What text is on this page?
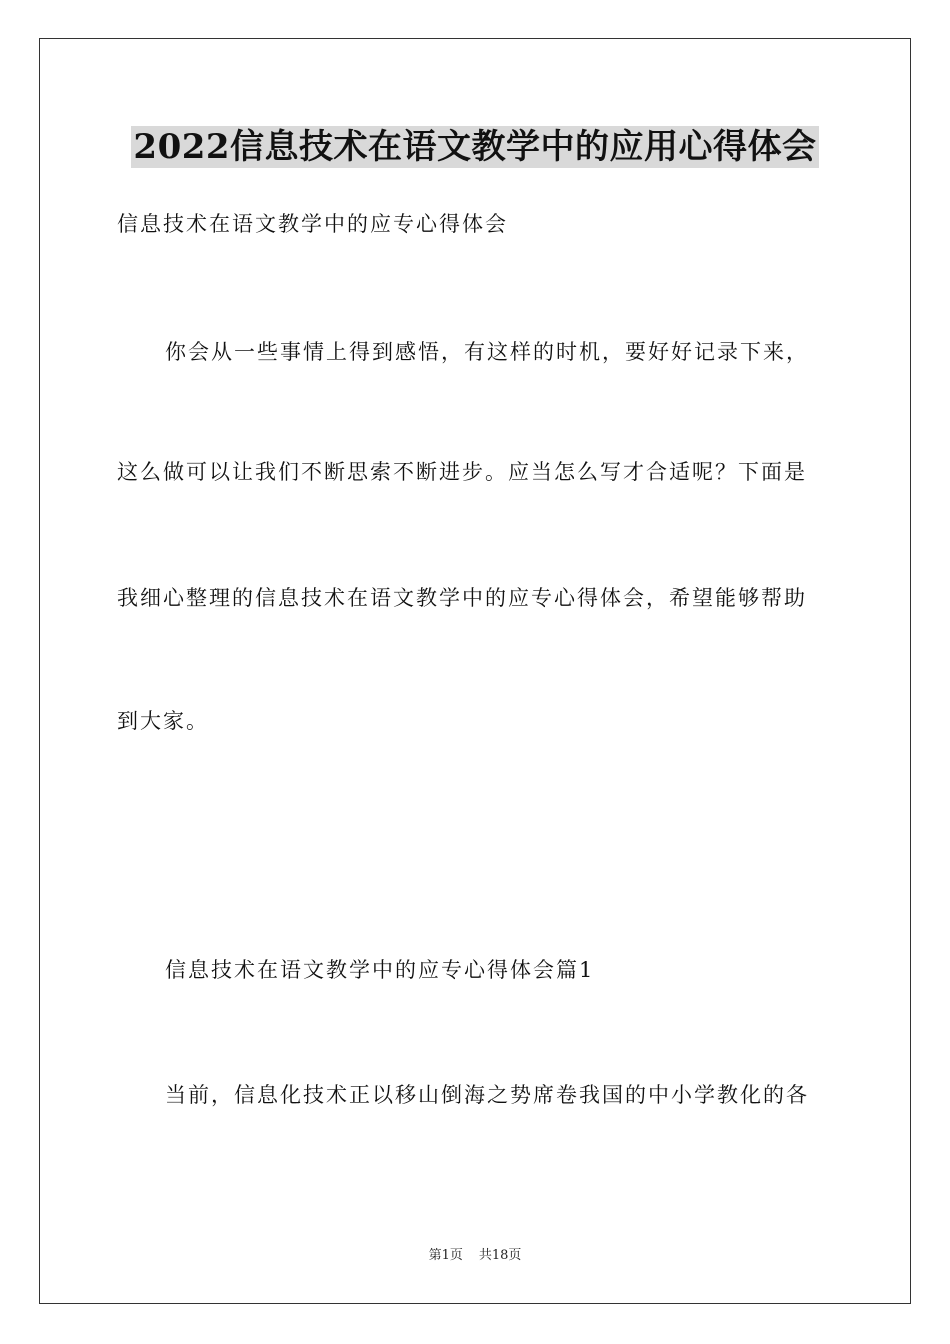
2022信息技术在语文教学中的应用心得体会
信息技术在语文教学中的应专心得体会
你会从一些事情上得到感悟，有这样的时机，要好好记录下来，
这么做可以让我们不断思索不断进步。应当怎么写才合适呢？下面是
我细心整理的信息技术在语文教学中的应专心得体会，希望能够帮助
到大家。
信息技术在语文教学中的应专心得体会篇1
当前，信息化技术正以移山倒海之势席卷我国的中小学教化的各
第1页 共18页
